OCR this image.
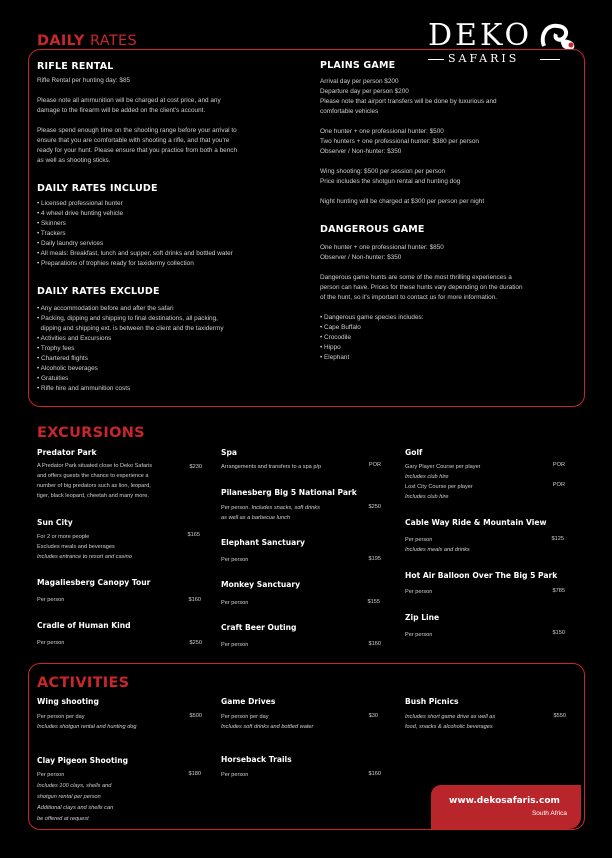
DEKO
SAFARIS
DAILY RATES
RIFLE RENTAL
Rifle Rental per hunting day: $85

Please note all ammunition will be charged at cost price, and any
damage to the firearm will be added on the client's account.

Please spend enough time on the shooting range before your arrival to
ensure that you are comfortable with shooting a rifle, and that you're
ready for your hunt. Please ensure that you practice from both a bench
as well as shooting sticks.
DAILY RATES INCLUDE
• Licensed professional hunter
• 4 wheel drive hunting vehicle
• Skinners
• Trackers
• Daily laundry services
• All meals: Breakfast, lunch and supper, soft drinks and bottled water
• Preparations of trophies ready for taxidermy collection
DAILY RATES EXCLUDE
• Any accommodation before and after the safari
• Packing, dipping and shipping to final destinations, all packing,
dipping and shipping ext. is between the client and the taxidermy
• Activities and Excursions
• Trophy fees
• Chartered flights
• Alcoholic beverages
• Gratuities
• Rifle hire and ammunition costs
PLAINS GAME
Arrival day per person $200
Departure day per person $200
Please note that airport transfers will be done by luxurious and
comfortable vehicles

One hunter + one professional hunter: $500
Two hunters + one professional hunter: $380 per person
Observer / Non-hunter: $350

Wing shooting: $500 per session per person
Price includes the shotgun rental and hunting dog

Night hunting will be charged at $300 per person per night
DANGEROUS GAME
One hunter + one professional hunter: $850
Observer / Non-hunter: $350

Dangerous game hunts are some of the most thrilling experiences a
person can have. Prices for these hunts vary depending on the duration
of the hunt, so it's important to contact us for more information.

• Dangerous game species includes:
• Cape Buffalo
• Crocodile
• Hippo
• Elephant
EXCURSIONS
Predator Park
A Predator Park situated close to Deko Safaris
and offers guests the chance to experience a
number of big predators such as lion, leopard,
tiger, black leopard, cheetah and many more.
$230
Sun City
For 2 or more people
Excludes meals and beverages
Includes entrance to resort and casino
$165
Magaliesberg Canopy Tour
Per person	$160
Cradle of Human Kind
Per person	$250
Spa
Arrangements and transfers to a spa p/p	POR
Pilanesberg Big 5 National Park
Per person. Includes snacks, soft drinks
as well as a barbecue lunch
$250
Elephant Sanctuary
Per person	$195
Monkey Sanctuary
Per person	$155
Craft Beer Outing
Per person	$160
Golf
Gary Player Course per player
Includes club hire
Lost City Course per player
Includes club hire
POR
POR
Cable Way Ride & Mountain View
Per person
Includes meals and drinks
$125
Hot Air Balloon Over The Big 5 Park
Per person	$785
Zip Line
Per person	$150
ACTIVITIES
Wing shooting
Per person per day
Includes shotgun rental and hunting dog
$500
Clay Pigeon Shooting
Per person
Includes 100 clays, shells and
shotgun rental per person
Additional clays and shells can
be offered at request
$180
Game Drives
Per person per day
Includes soft drinks and bottled water
$30
Horseback Trails
Per person	$160
Bush Picnics
Includes short game drive as well as
food, snacks & alcoholic beverages
$550
www.dekosafaris.com
South Africa
